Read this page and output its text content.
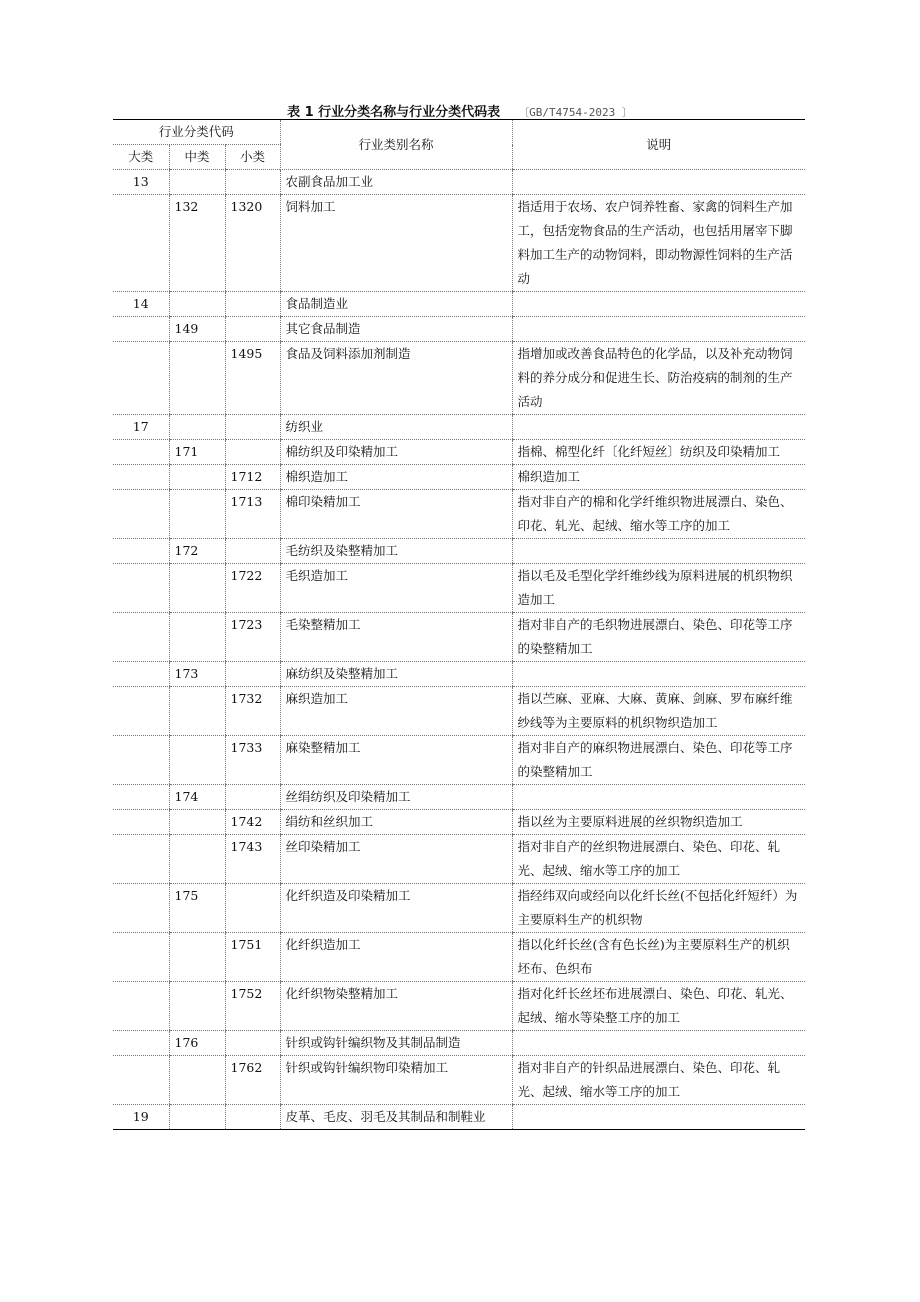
表 1 行业分类名称与行业分类代码表 〔GB/T4754-2023 〕
行业分类代码			行业类别名称	说明
大类	中类	小类		
13			农副食品加工业	
	132	1320	饲料加工	指适用于农场、农户饲养牲畜、家禽的饲料生产加工，包括宠物食品的生产活动，也包括用屠宰下脚料加工生产的动物饲料，即动物源性饲料的生产活动
14			食品制造业	
	149		其它食品制造	
		1495	食品及饲料添加剂制造	指增加或改善食品特色的化学品，以及补充动物饲料的养分成分和促进生长、防治疫病的制剂的生产活动
17			纺织业	
	171		棉纺织及印染精加工	指棉、棉型化纤〔化纤短丝〕纺织及印染精加工
		1712	棉织造加工	棉织造加工
		1713	棉印染精加工	指对非自产的棉和化学纤维织物进展漂白、染色、印花、轧光、起绒、缩水等工序的加工
	172		毛纺织及染整精加工	
		1722	毛织造加工	指以毛及毛型化学纤维纱线为原料进展的机织物织造加工
		1723	毛染整精加工	指对非自产的毛织物进展漂白、染色、印花等工序的染整精加工
	173		麻纺织及染整精加工	
		1732	麻织造加工	指以苎麻、亚麻、大麻、黄麻、剑麻、罗布麻纤维纱线等为主要原料的机织物织造加工
		1733	麻染整精加工	指对非自产的麻织物进展漂白、染色、印花等工序的染整精加工
	174		丝绢纺织及印染精加工	
		1742	绢纺和丝织加工	指以丝为主要原料进展的丝织物织造加工
		1743	丝印染精加工	指对非自产的丝织物进展漂白、染色、印花、轧光、起绒、缩水等工序的加工
	175		化纤织造及印染精加工	指经纬双向或经向以化纤长丝(不包括化纤短纤）为主要原料生产的机织物
		1751	化纤织造加工	指以化纤长丝(含有色长丝)为主要原料生产的机织坯布、色织布
		1752	化纤织物染整精加工	指对化纤长丝坯布进展漂白、染色、印花、轧光、起绒、缩水等染整工序的加工
	176		针织或钩针编织物及其制品制造	
		1762	针织或钩针编织物印染精加工	指对非自产的针织品进展漂白、染色、印花、轧光、起绒、缩水等工序的加工
19			皮革、毛皮、羽毛及其制品和制鞋业	
